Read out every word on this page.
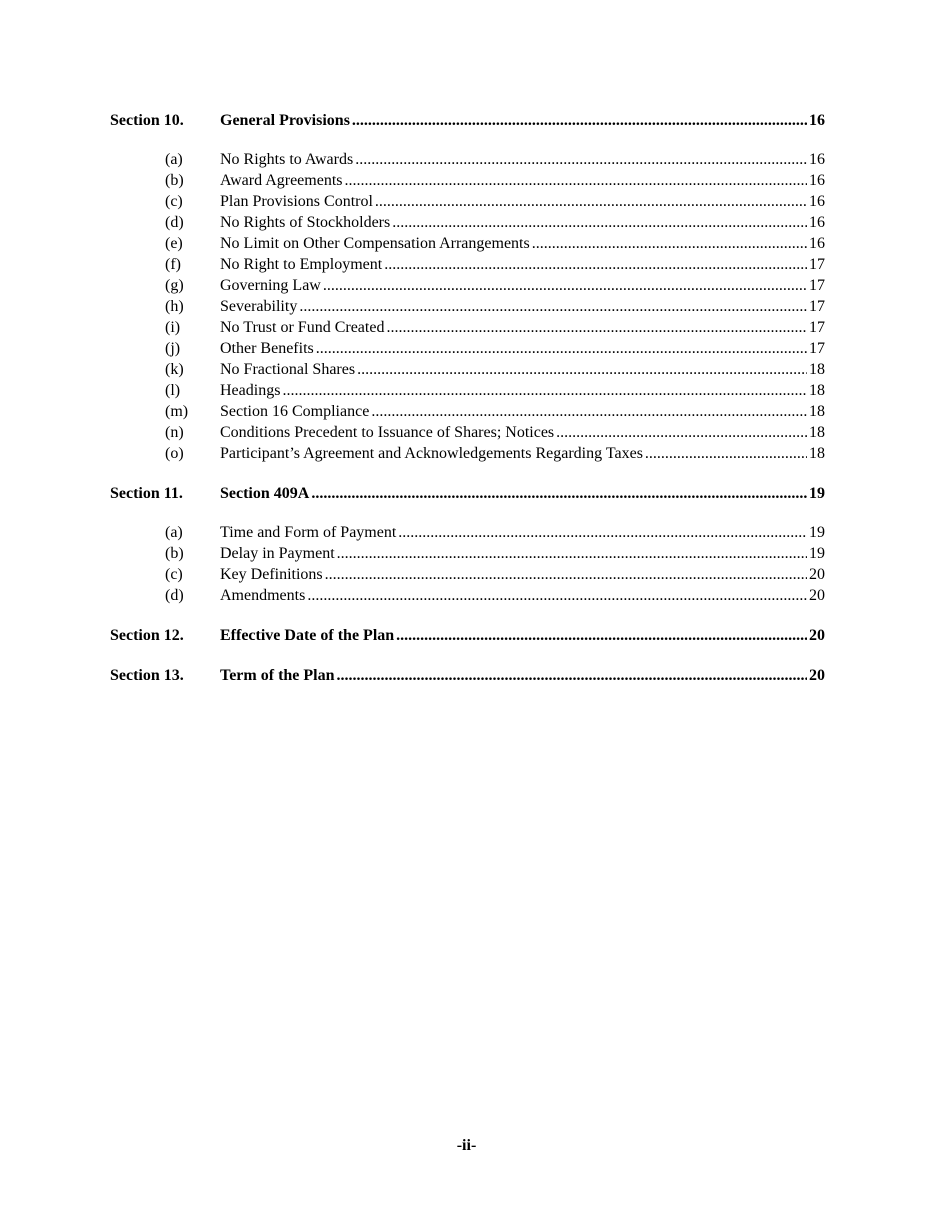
Section 10.	General Provisions .....	16
(a)	No Rights to Awards .....	16
(b)	Award Agreements .....	16
(c)	Plan Provisions Control .....	16
(d)	No Rights of Stockholders .....	16
(e)	No Limit on Other Compensation Arrangements .....	16
(f)	No Right to Employment .....	17
(g)	Governing Law .....	17
(h)	Severability .....	17
(i)	No Trust or Fund Created .....	17
(j)	Other Benefits .....	17
(k)	No Fractional Shares .....	18
(l)	Headings .....	18
(m)	Section 16 Compliance .....	18
(n)	Conditions Precedent to Issuance of Shares; Notices .....	18
(o)	Participant’s Agreement and Acknowledgements Regarding Taxes .....	18
Section 11.	Section 409A .....	19
(a)	Time and Form of Payment .....	19
(b)	Delay in Payment .....	19
(c)	Key Definitions .....	20
(d)	Amendments .....	20
Section 12.	Effective Date of the Plan .....	20
Section 13.	Term of the Plan .....	20
-ii-
